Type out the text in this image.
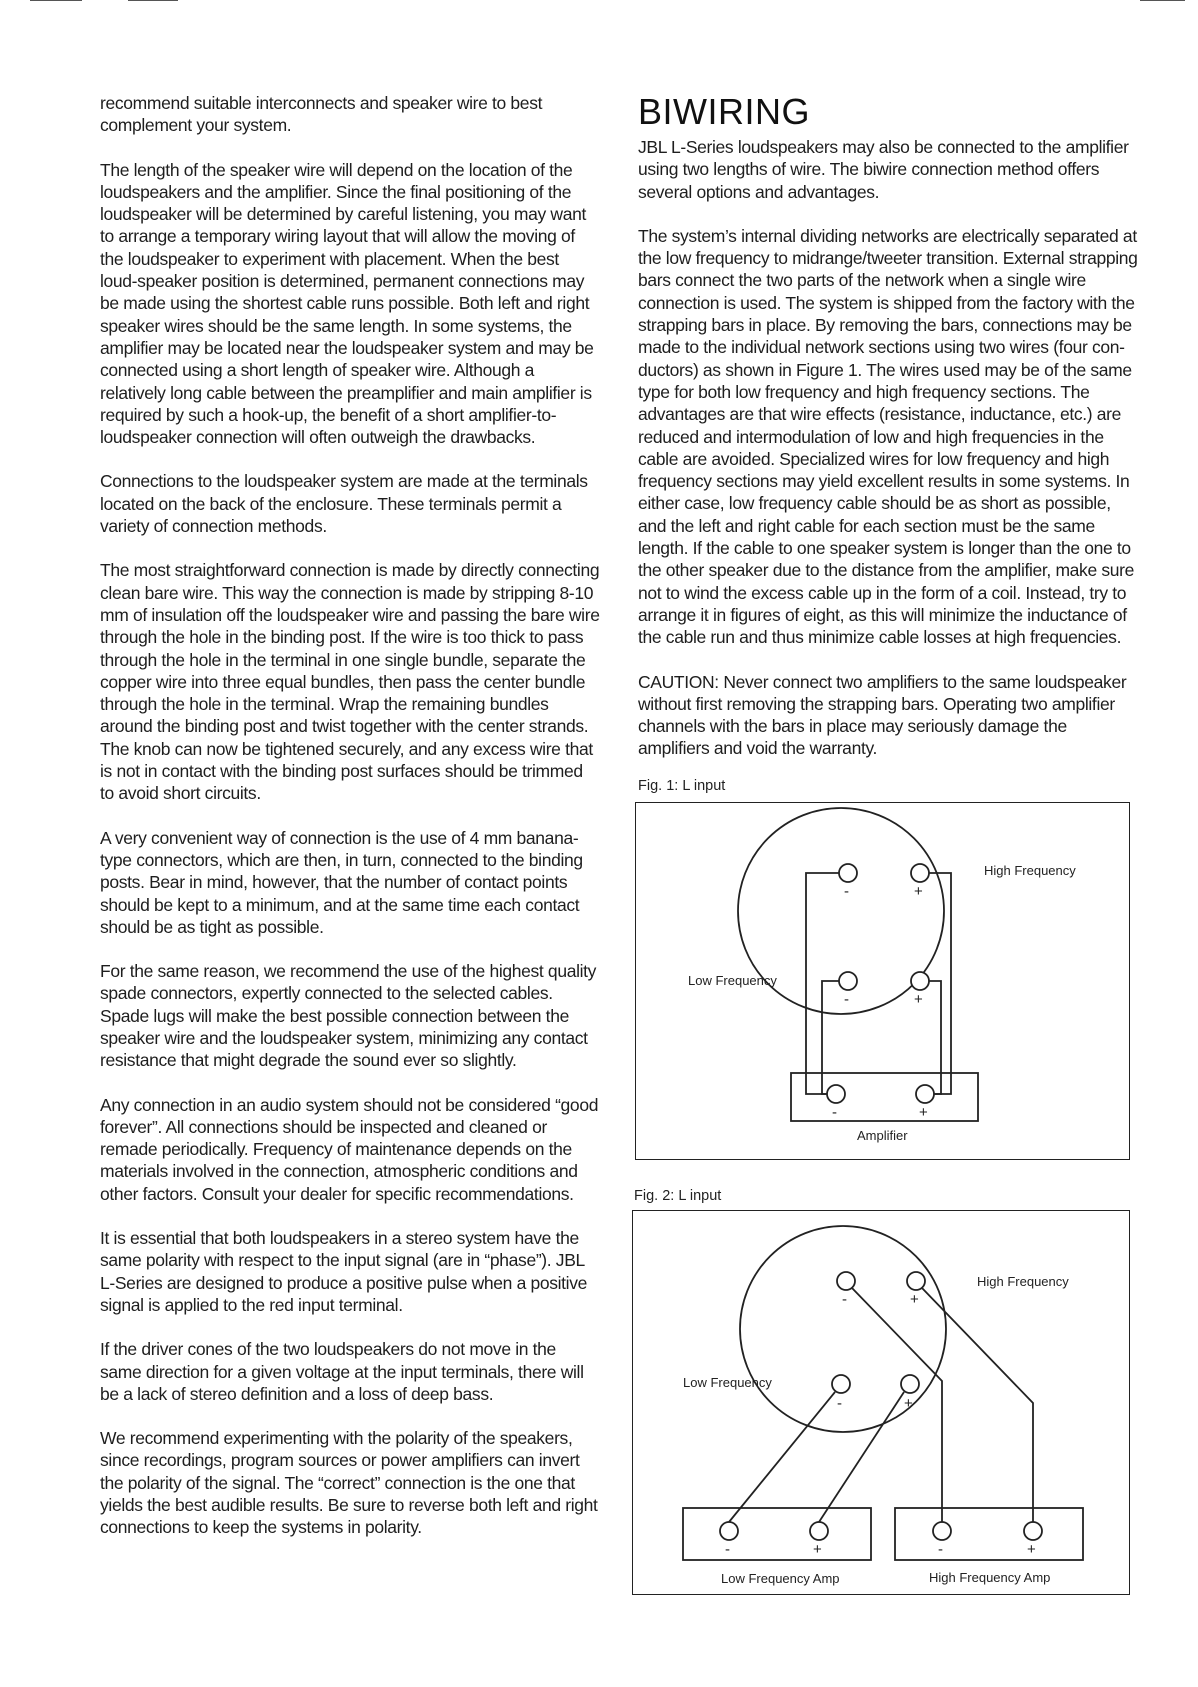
recommend suitable interconnects and speaker wire to best complement your system.

The length of the speaker wire will depend on the location of the loudspeakers and the amplifier. Since the final positioning of the loudspeaker will be determined by careful listening, you may want to arrange a temporary wiring layout that will allow the moving of the loudspeaker to experiment with placement. When the best loud-speaker position is determined, permanent connections may be made using the shortest cable runs possible. Both left and right speaker wires should be the same length. In some systems, the amplifier may be located near the loudspeaker system and may be connected using a short length of speaker wire. Although a relatively long cable between the preamplifier and main amplifier is required by such a hook-up, the benefit of a short amplifier-to-loudspeaker connection will often outweigh the drawbacks.

Connections to the loudspeaker system are made at the terminals located on the back of the enclosure. These terminals permit a variety of connection methods.

The most straightforward connection is made by directly connecting clean bare wire. This way the connection is made by stripping 8-10 mm of insulation off the loudspeaker wire and passing the bare wire through the hole in the binding post. If the wire is too thick to pass through the hole in the terminal in one single bundle, separate the copper wire into three equal bundles, then pass the center bundle through the hole in the terminal. Wrap the remaining bundles around the binding post and twist together with the center strands. The knob can now be tightened securely, and any excess wire that is not in contact with the binding post surfaces should be trimmed to avoid short circuits.

A very convenient way of connection is the use of 4 mm banana-type connectors, which are then, in turn, connected to the binding posts. Bear in mind, however, that the number of contact points should be kept to a minimum, and at the same time each contact should be as tight as possible.

For the same reason, we recommend the use of the highest quality spade connectors, expertly connected to the selected cables. Spade lugs will make the best possible connection between the speaker wire and the loudspeaker system, minimizing any contact resistance that might degrade the sound ever so slightly.

Any connection in an audio system should not be considered “good forever”. All connections should be inspected and cleaned or remade periodically. Frequency of maintenance depends on the materials involved in the connection, atmospheric conditions and other factors. Consult your dealer for specific recommendations.

It is essential that both loudspeakers in a stereo system have the same polarity with respect to the input signal (are in “phase”). JBL L-Series are designed to produce a positive pulse when a positive signal is applied to the red input terminal.

If the driver cones of the two loudspeakers do not move in the same direction for a given voltage at the input terminals, there will be a lack of stereo definition and a loss of deep bass.

We recommend experimenting with the polarity of the speakers, since recordings, program sources or power amplifiers can invert the polarity of the signal. The “correct” connection is the one that yields the best audible results. Be sure to reverse both left and right connections to keep the systems in polarity.

BIWIRING

JBL L-Series loudspeakers may also be connected to the amplifier using two lengths of wire. The biwire connection method offers several options and advantages.

The system’s internal dividing networks are electrically separated at the low frequency to midrange/tweeter transition. External strapping bars connect the two parts of the network when a single wire connection is used. The system is shipped from the factory with the strapping bars in place. By removing the bars, connections may be made to the individual network sections using two wires (four con-ductors) as shown in Figure 1. The wires used may be of the same type for both low frequency and high frequency sections. The advantages are that wire effects (resistance, inductance, etc.) are reduced and intermodulation of low and high frequencies in the cable are avoided. Specialized wires for low frequency and high frequency sections may yield excellent results in some systems. In either case, low frequency cable should be as short as possible, and the left and right cable for each section must be the same length. If the cable to one speaker system is longer than the one to the other speaker due to the distance from the amplifier, make sure not to wind the excess cable up in the form of a coil. Instead, try to arrange it in figures of eight, as this will minimize the inductance of the cable run and thus minimize cable losses at high frequencies.

CAUTION: Never connect two amplifiers to the same loudspeaker without first removing the strapping bars. Operating two amplifier channels with the bars in place may seriously damage the amplifiers and void the warranty.

Fig. 1: L input
High Frequency
Low Frequency
Amplifier
-	+
-	+
-	+
Fig. 2: L input
High Frequency
Low Frequency
Low Frequency Amp	High Frequency Amp
-	+
-	+
-	+	-	+
